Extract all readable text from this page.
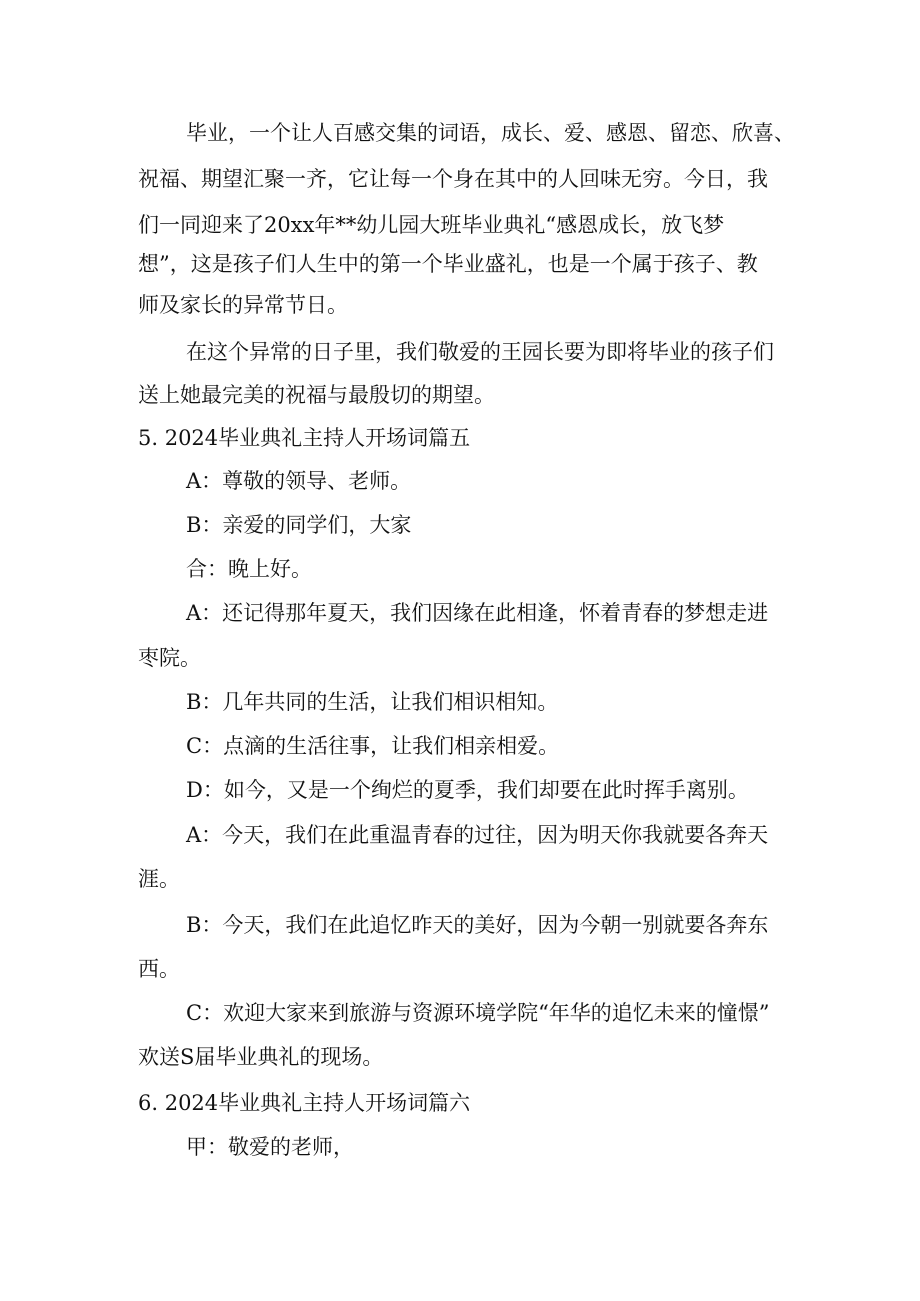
毕业，一个让人百感交集的词语，成长、爱、感恩、留恋、欣喜、
祝福、期望汇聚一齐，它让每一个身在其中的人回味无穷。今日，我
们一同迎来了20xx年**幼儿园大班毕业典礼“感恩成长，放飞梦
想”，这是孩子们人生中的第一个毕业盛礼，也是一个属于孩子、教
师及家长的异常节日。
在这个异常的日子里，我们敬爱的王园长要为即将毕业的孩子们
送上她最完美的祝福与最殷切的期望。
5. 2024毕业典礼主持人开场词篇五
A：尊敬的领导、老师。
B：亲爱的同学们，大家
合：晚上好。
A：还记得那年夏天，我们因缘在此相逢，怀着青春的梦想走进
枣院。
B：几年共同的生活，让我们相识相知。
C：点滴的生活往事，让我们相亲相爱。
D：如今，又是一个绚烂的夏季，我们却要在此时挥手离别。
A：今天，我们在此重温青春的过往，因为明天你我就要各奔天
涯。
B：今天，我们在此追忆昨天的美好，因为今朝一别就要各奔东
西。
C：欢迎大家来到旅游与资源环境学院“年华的追忆未来的憧憬”
欢送S届毕业典礼的现场。
6. 2024毕业典礼主持人开场词篇六
甲：敬爱的老师，
